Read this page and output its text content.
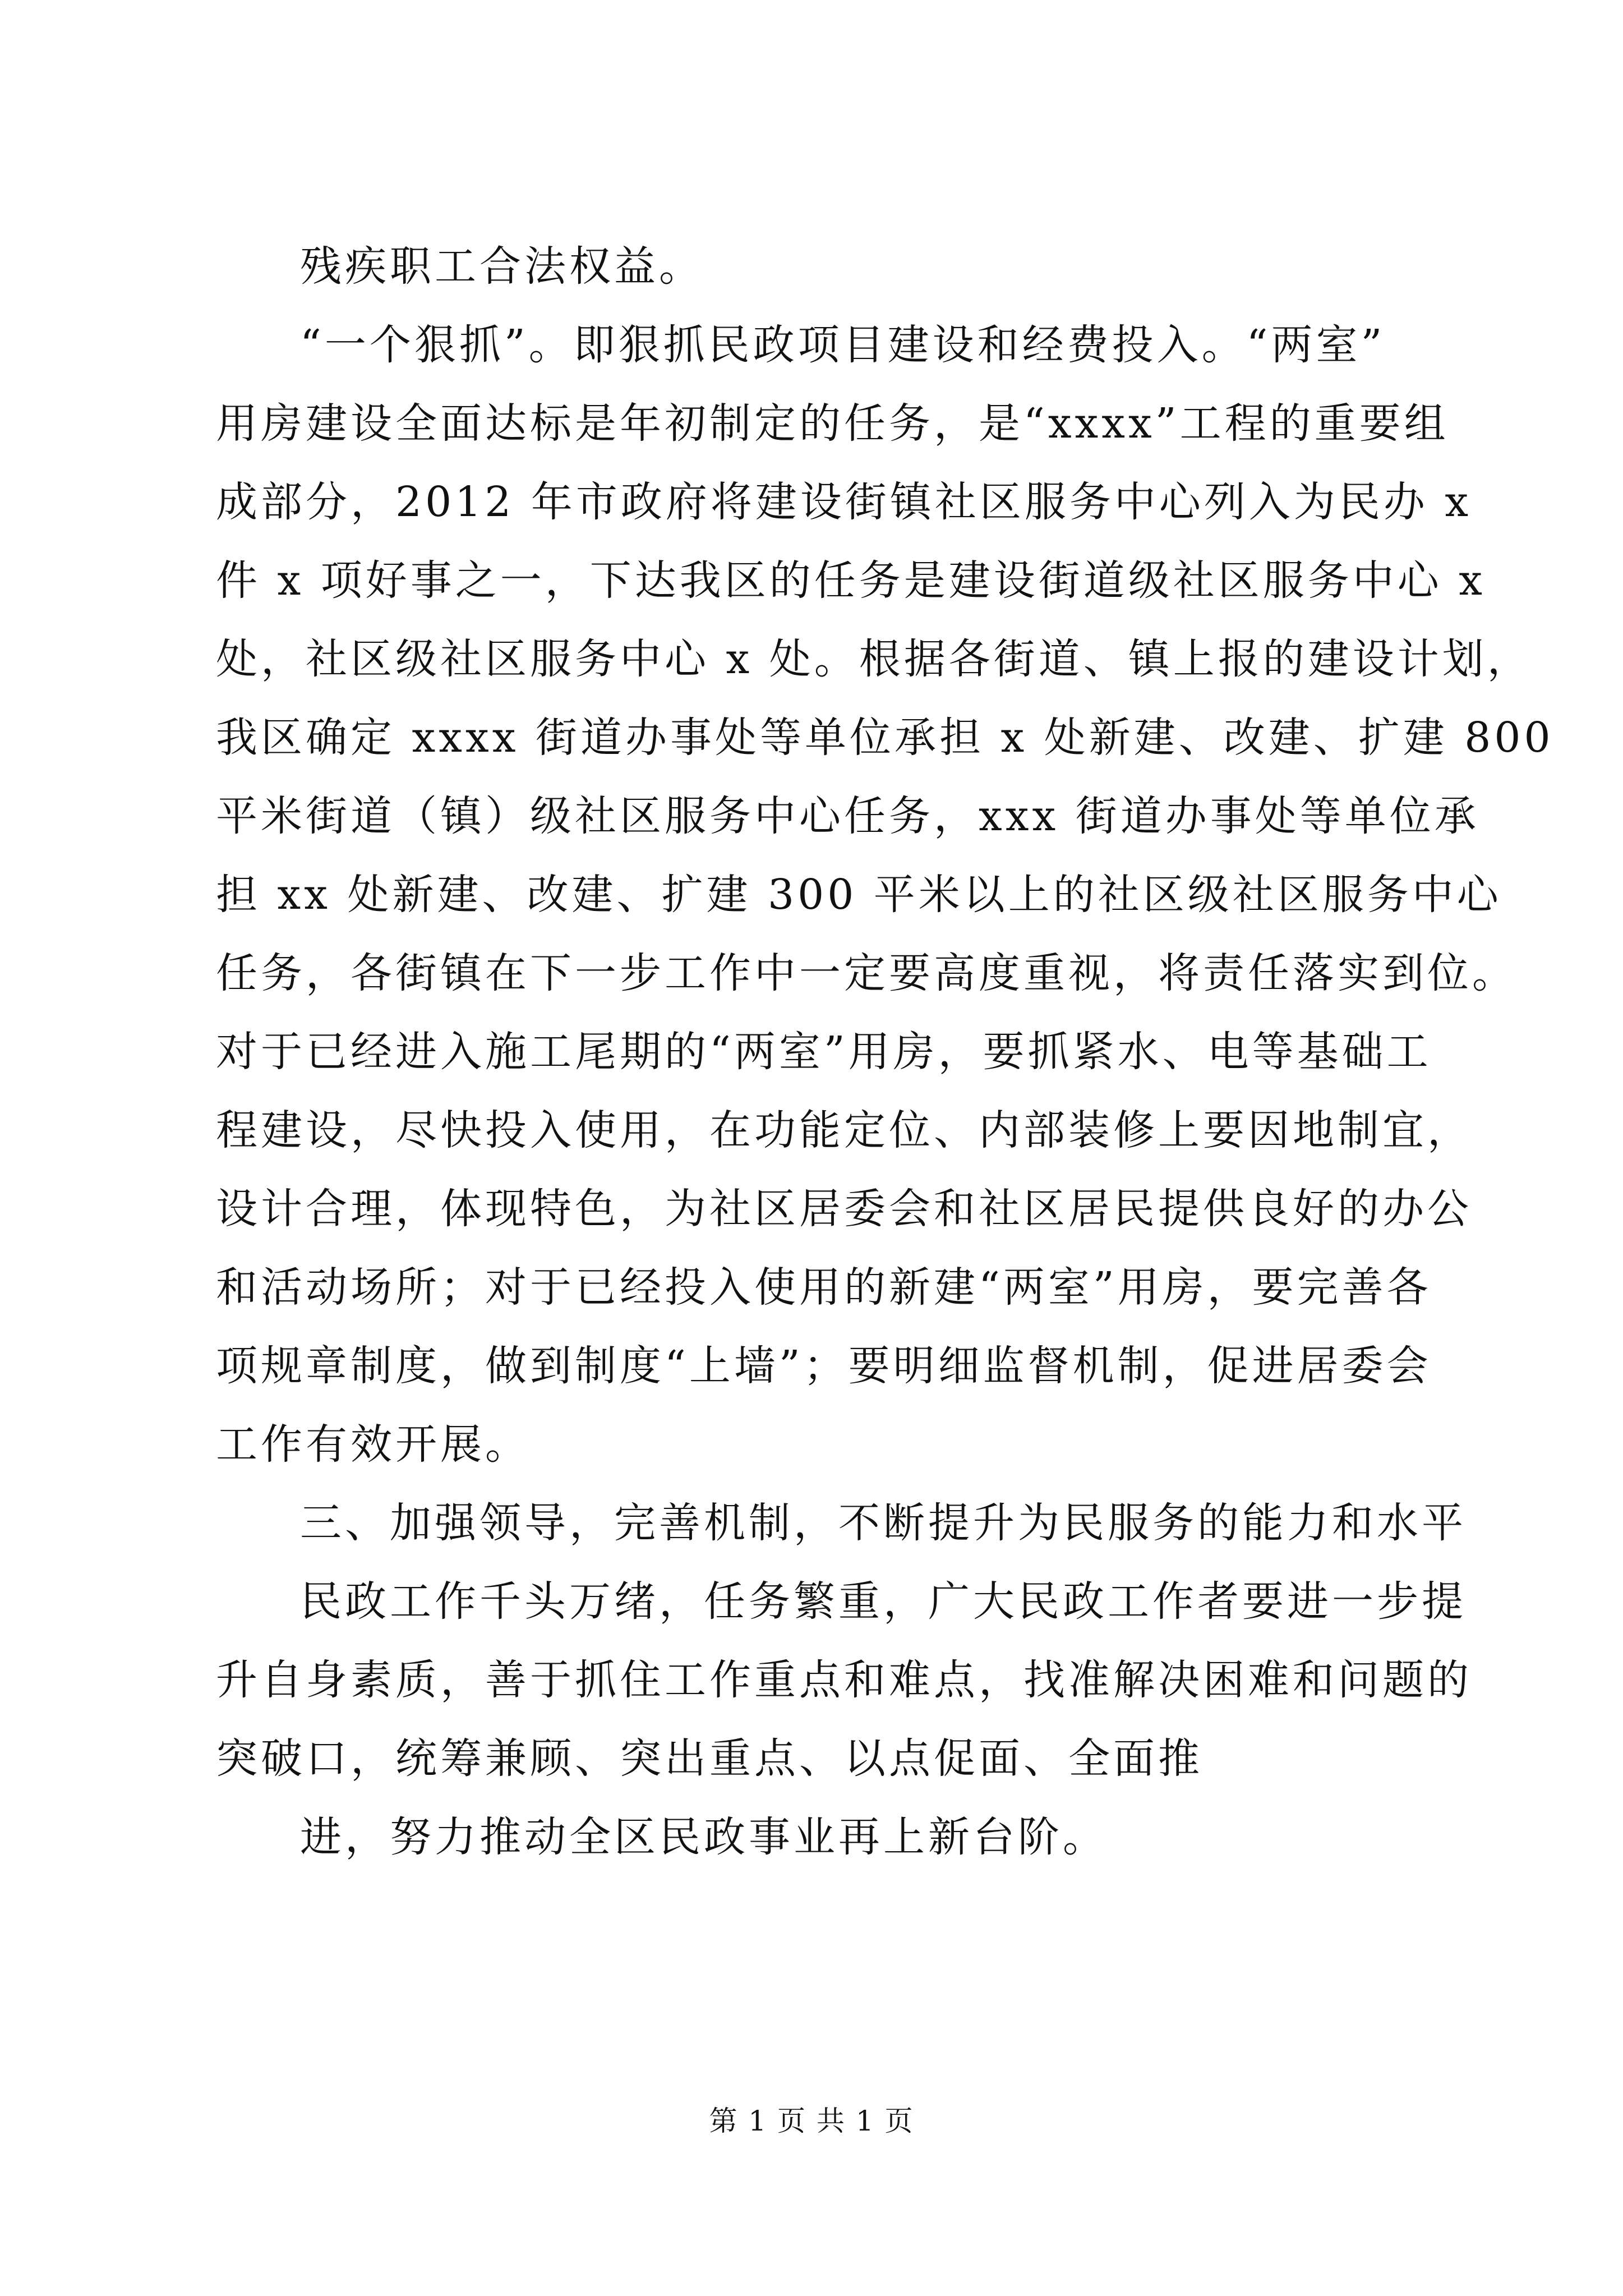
残疾职工合法权益。
“一个狠抓”。即狠抓民政项目建设和经费投入。“两室”
用房建设全面达标是年初制定的任务，是“xxxx”工程的重要组
成部分，2012 年市政府将建设街镇社区服务中心列入为民办 x
件 x 项好事之一，下达我区的任务是建设街道级社区服务中心 x
处，社区级社区服务中心 x 处。根据各街道、镇上报的建设计划，
我区确定 xxxx 街道办事处等单位承担 x 处新建、改建、扩建 800
平米街道（镇）级社区服务中心任务，xxx 街道办事处等单位承
担 xx 处新建、改建、扩建 300 平米以上的社区级社区服务中心
任务，各街镇在下一步工作中一定要高度重视，将责任落实到位。
对于已经进入施工尾期的“两室”用房，要抓紧水、电等基础工
程建设，尽快投入使用，在功能定位、内部装修上要因地制宜，
设计合理，体现特色，为社区居委会和社区居民提供良好的办公
和活动场所；对于已经投入使用的新建“两室”用房，要完善各
项规章制度，做到制度“上墙”；要明细监督机制，促进居委会
工作有效开展。
三、加强领导，完善机制，不断提升为民服务的能力和水平
民政工作千头万绪，任务繁重，广大民政工作者要进一步提
升自身素质，善于抓住工作重点和难点，找准解决困难和问题的
突破口，统筹兼顾、突出重点、以点促面、全面推
进，努力推动全区民政事业再上新台阶。
第 1 页 共 1 页
